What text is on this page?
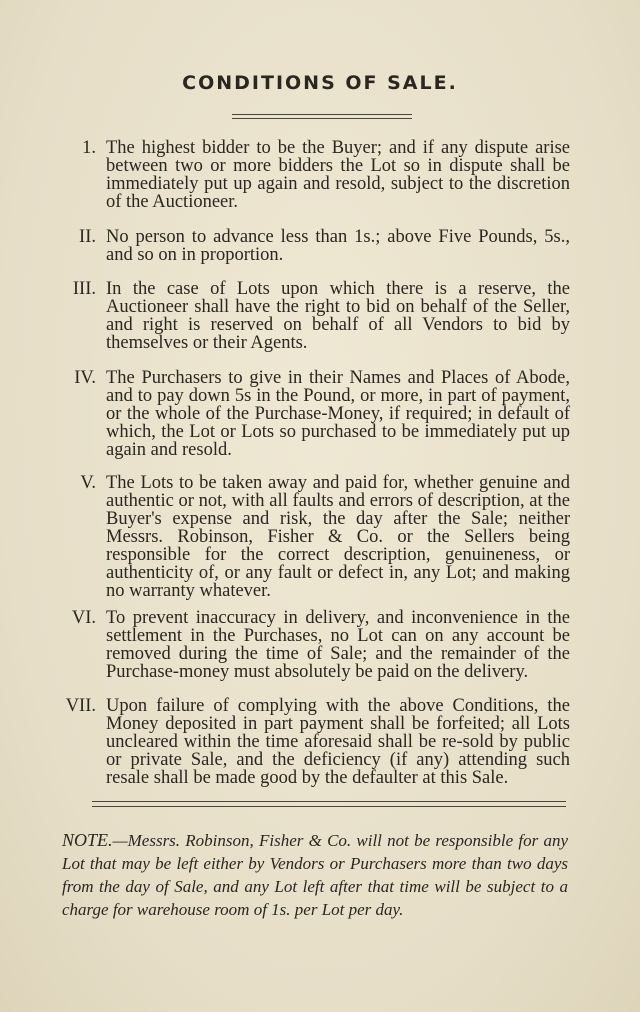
CONDITIONS OF SALE.
1. The highest bidder to be the Buyer; and if any dispute arise between two or more bidders the Lot so in dispute shall be immediately put up again and resold, subject to the discretion of the Auctioneer.
II. No person to advance less than 1s.; above Five Pounds, 5s., and so on in proportion.
III. In the case of Lots upon which there is a reserve, the Auctioneer shall have the right to bid on behalf of the Seller, and right is reserved on behalf of all Vendors to bid by themselves or their Agents.
IV. The Purchasers to give in their Names and Places of Abode, and to pay down 5s in the Pound, or more, in part of payment, or the whole of the Purchase-Money, if required; in default of which, the Lot or Lots so purchased to be immediately put up again and resold.
V. The Lots to be taken away and paid for, whether genuine and authentic or not, with all faults and errors of description, at the Buyer's expense and risk, the day after the Sale; neither Messrs. Robinson, Fisher & Co. or the Sellers being responsible for the correct description, genuineness, or authenticity of, or any fault or defect in, any Lot; and making no warranty whatever.
VI. To prevent inaccuracy in delivery, and inconvenience in the settlement in the Purchases, no Lot can on any account be removed during the time of Sale; and the remainder of the Purchase-money must absolutely be paid on the delivery.
VII. Upon failure of complying with the above Conditions, the Money deposited in part payment shall be forfeited; all Lots uncleared within the time aforesaid shall be re-sold by public or private Sale, and the deficiency (if any) attending such resale shall be made good by the defaulter at this Sale.
NOTE.—Messrs. Robinson, Fisher & Co. will not be responsible for any Lot that may be left either by Vendors or Purchasers more than two days from the day of Sale, and any Lot left after that time will be subject to a charge for warehouse room of 1s. per Lot per day.
